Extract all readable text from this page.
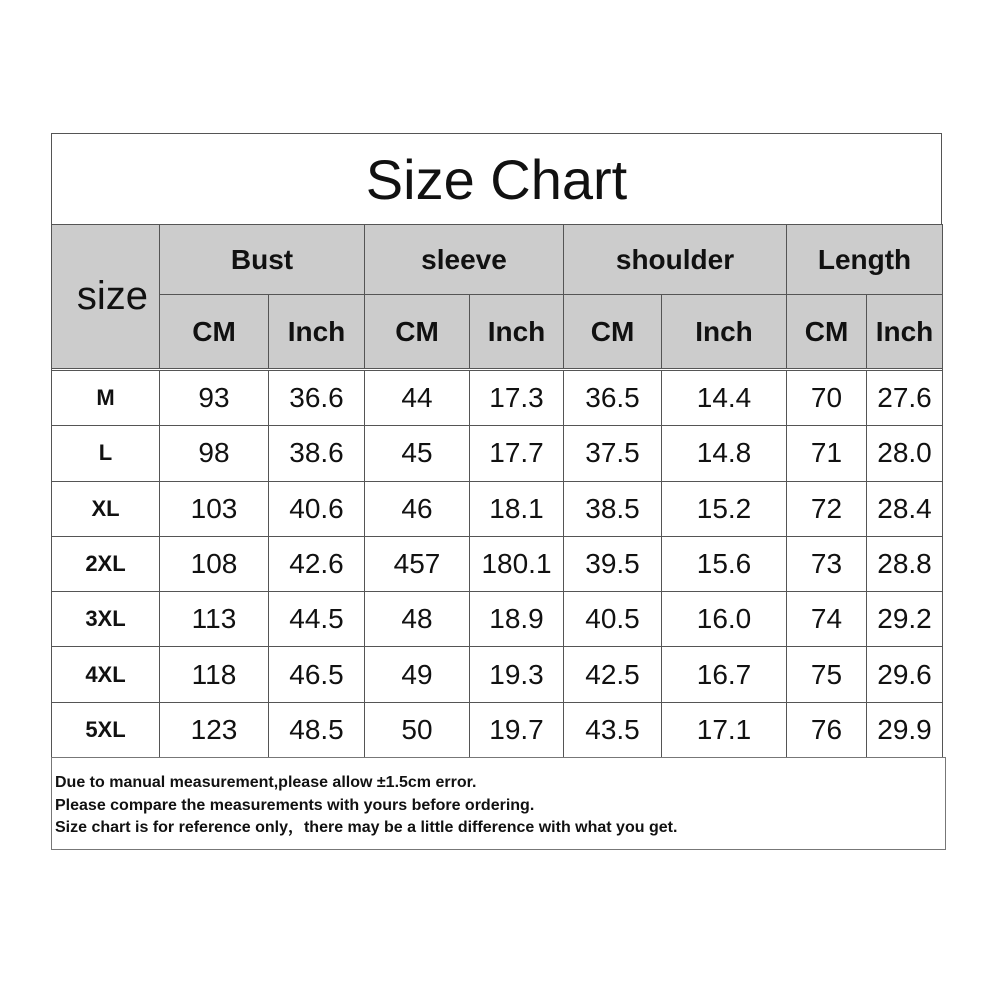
Size Chart
size	Bust		sleeve		shoulder		Length	
	CM	Inch	CM	Inch	CM	Inch	CM	Inch

M	93	36.6	44	17.3	36.5	14.4	70	27.6
L	98	38.6	45	17.7	37.5	14.8	71	28.0
XL	103	40.6	46	18.1	38.5	15.2	72	28.4
2XL	108	42.6	457	180.1	39.5	15.6	73	28.8
3XL	113	44.5	48	18.9	40.5	16.0	74	29.2
4XL	118	46.5	49	19.3	42.5	16.7	75	29.6
5XL	123	48.5	50	19.7	43.5	17.1	76	29.9
Due to manual measurement,please allow ±1.5cm error.
Please compare the measurements with yours before ordering.
Size chart is for reference only，there may be a little difference with what you get.
